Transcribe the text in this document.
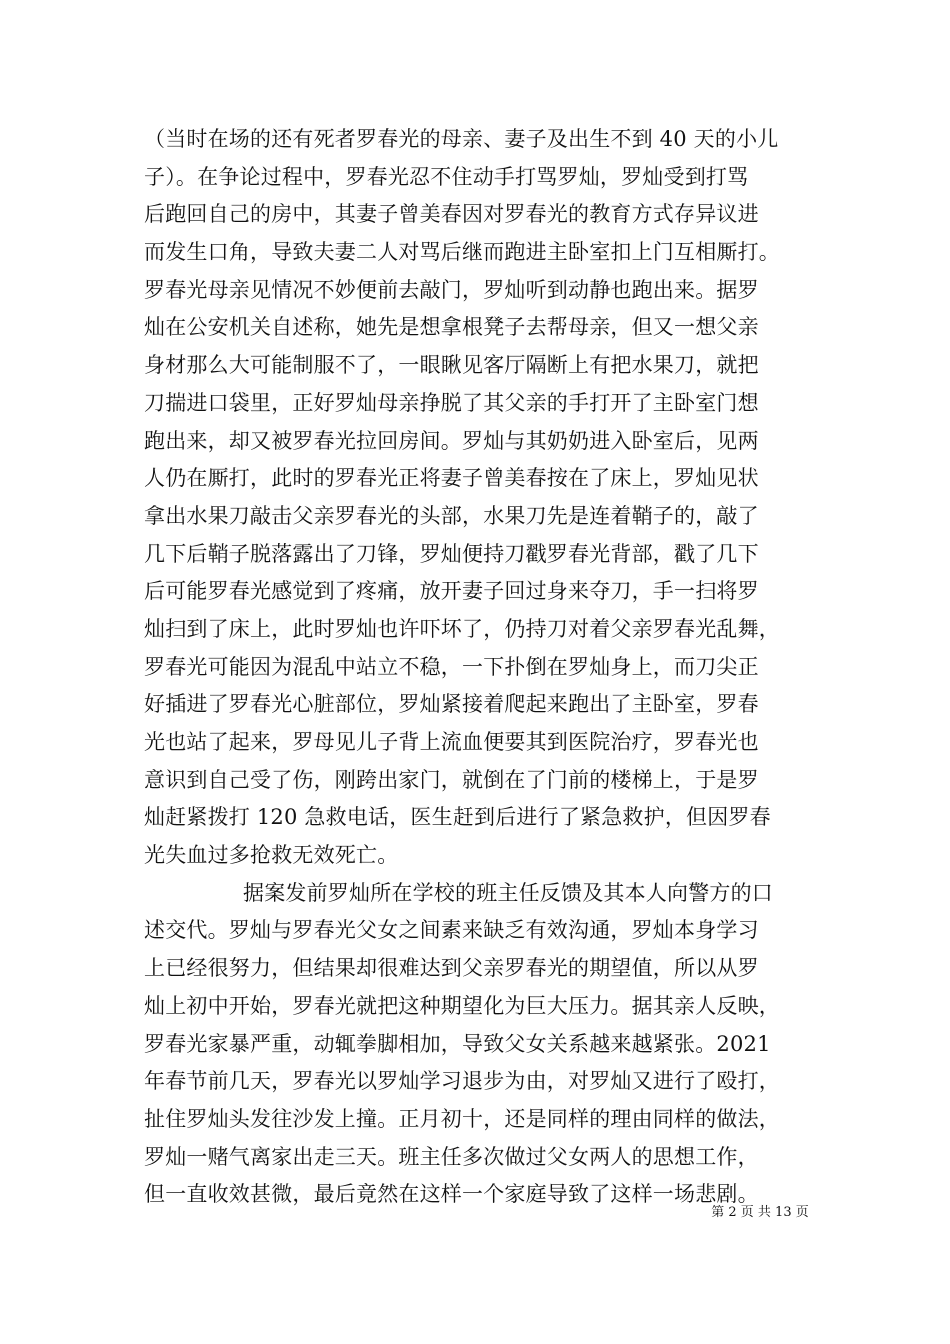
（当时在场的还有死者罗春光的母亲、妻子及出生不到 40 天的小儿
子）。在争论过程中，罗春光忍不住动手打骂罗灿，罗灿受到打骂
后跑回自己的房中，其妻子曾美春因对罗春光的教育方式存异议进
而发生口角，导致夫妻二人对骂后继而跑进主卧室扣上门互相厮打。
罗春光母亲见情况不妙便前去敲门，罗灿听到动静也跑出来。据罗
灿在公安机关自述称，她先是想拿根凳子去帮母亲，但又一想父亲
身材那么大可能制服不了，一眼瞅见客厅隔断上有把水果刀，就把
刀揣进口袋里，正好罗灿母亲挣脱了其父亲的手打开了主卧室门想
跑出来，却又被罗春光拉回房间。罗灿与其奶奶进入卧室后，见两
人仍在厮打，此时的罗春光正将妻子曾美春按在了床上，罗灿见状
拿出水果刀敲击父亲罗春光的头部，水果刀先是连着鞘子的，敲了
几下后鞘子脱落露出了刀锋，罗灿便持刀戳罗春光背部，戳了几下
后可能罗春光感觉到了疼痛，放开妻子回过身来夺刀，手一扫将罗
灿扫到了床上，此时罗灿也许吓坏了，仍持刀对着父亲罗春光乱舞，
罗春光可能因为混乱中站立不稳，一下扑倒在罗灿身上，而刀尖正
好插进了罗春光心脏部位，罗灿紧接着爬起来跑出了主卧室，罗春
光也站了起来，罗母见儿子背上流血便要其到医院治疗，罗春光也
意识到自己受了伤，刚跨出家门，就倒在了门前的楼梯上，于是罗
灿赶紧拨打 120 急救电话，医生赶到后进行了紧急救护，但因罗春
光失血过多抢救无效死亡。
据案发前罗灿所在学校的班主任反馈及其本人向警方的口
述交代。罗灿与罗春光父女之间素来缺乏有效沟通，罗灿本身学习
上已经很努力，但结果却很难达到父亲罗春光的期望值，所以从罗
灿上初中开始，罗春光就把这种期望化为巨大压力。据其亲人反映，
罗春光家暴严重，动辄拳脚相加，导致父女关系越来越紧张。2021
年春节前几天，罗春光以罗灿学习退步为由，对罗灿又进行了殴打，
扯住罗灿头发往沙发上撞。正月初十，还是同样的理由同样的做法，
罗灿一赌气离家出走三天。班主任多次做过父女两人的思想工作，
但一直收效甚微，最后竟然在这样一个家庭导致了这样一场悲剧。
第 2 页 共 13 页
